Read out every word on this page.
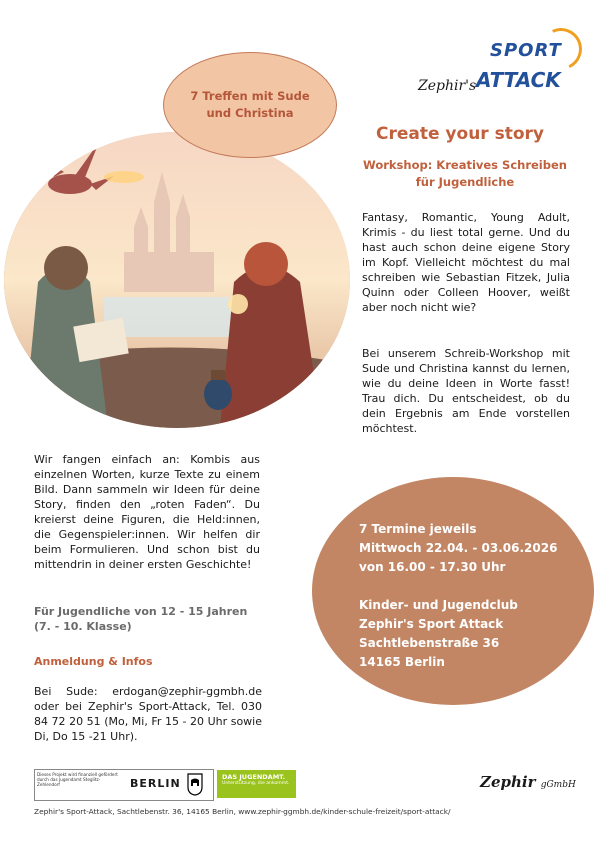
7 Treffen mit Sude und Christina
SPORT
ATTACK
Zephir's
Create your story
Workshop: Kreatives Schreiben für Jugendliche
Fantasy, Romantic, Young Adult, Krimis - du liest total gerne. Und du hast auch schon deine eigene Story im Kopf. Vielleicht möchtest du mal schreiben wie Sebastian Fitzek, Julia Quinn oder Colleen Hoover, weißt aber noch nicht wie?
Bei unserem Schreib-Workshop mit Sude und Christina kannst du lernen, wie du deine Ideen in Worte fasst! Trau dich. Du entscheidest, ob du dein Ergebnis am Ende vorstellen möchtest.
Wir fangen einfach an: Kombis aus einzelnen Worten, kurze Texte zu einem Bild. Dann sammeln wir Ideen für deine Story, finden den „roten Faden“. Du kreierst deine Figuren, die Held:innen, die Gegenspieler:innen. Wir helfen dir beim Formulieren. Und schon bist du mittendrin in deiner ersten Geschichte!
Für Jugendliche von 12 - 15 Jahren
(7. - 10. Klasse)
Anmeldung & Infos
Bei Sude: erdogan@zephir-ggmbh.de oder bei Zephir's Sport-Attack, Tel. 030 84 72 20 51 (Mo, Mi, Fr 15 - 20 Uhr sowie Di, Do 15 -21 Uhr).
7 Termine jeweils
Mittwoch 22.04. - 03.06.2026
von 16.00 - 17.30 Uhr
Kinder- und Jugendclub
Zephir's Sport Attack
Sachtlebenstraße 36
14165 Berlin
Dieses Projekt wird finanziell gefördert durch das Jugendamt Steglitz-Zehlendorf	BERLIN	DAS JUGENDAMT.
Unterstützung, die ankommt.	Zephir gGmbH
Zephir's Sport-Attack, Sachtlebenstr. 36, 14165 Berlin, www.zephir-ggmbh.de/kinder-schule-freizeit/sport-attack/
